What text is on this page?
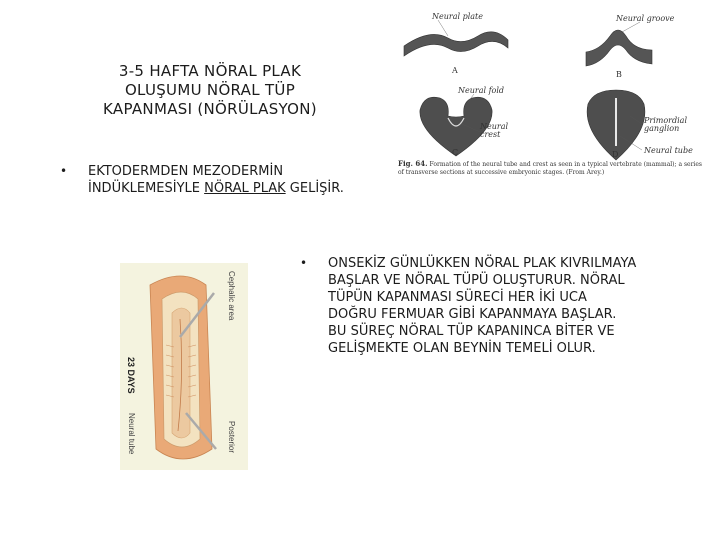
3-5 HAFTA NÖRAL PLAK
OLUŞUMU NÖRAL TÜP
KAPANMASI (NÖRÜLASYON)
• EKTODERMDEN MEZODERMİN İNDÜKLEMESİYLE NÖRAL PLAK GELİŞİR.
• ONSEKİZ GÜNLÜKKEN NÖRAL PLAK KIVRILMAYA BAŞLAR VE NÖRAL TÜPÜ OLUŞTURUR. NÖRAL TÜPÜN KAPANMASI SÜRECİ HER İKİ UCA DOĞRU FERMUAR GİBİ KAPANMAYA BAŞLAR. BU SÜREÇ NÖRAL TÜP KAPANINCA BİTER VE GELİŞMEKTE OLAN BEYNİN TEMELİ OLUR.
Neural plate	Neural groove
Neural fold
Neural
crest
Primordial
ganglion
Neural tube
A	B
C	D
Fig. 64. Formation of the neural tube and crest as seen in a typical vertebrate (mammal); a series of transverse sections at successive embryonic stages. (From Arey.)
Cephalic area
23 DAYS
Neural tube	Posterior
